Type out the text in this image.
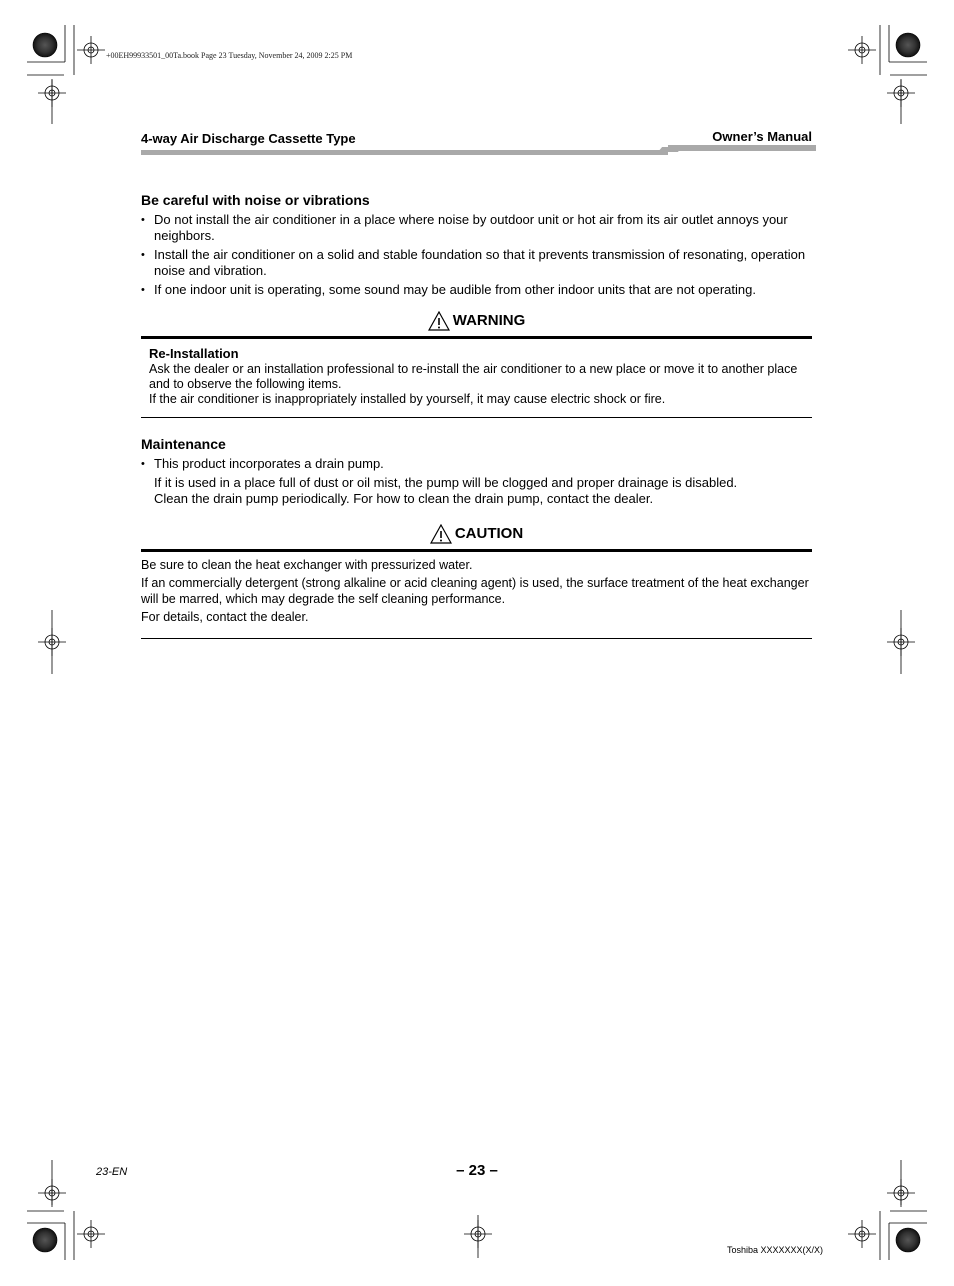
+00EH99933501_00Ta.book Page 23 Tuesday, November 24, 2009 2:25 PM
4-way Air Discharge Cassette Type	Owner’s Manual
Be careful with noise or vibrations
• Do not install the air conditioner in a place where noise by outdoor unit or hot air from its air outlet annoys your neighbors.
• Install the air conditioner on a solid and stable foundation so that it prevents transmission of resonating, operation noise and vibration.
• If one indoor unit is operating, some sound may be audible from other indoor units that are not operating.
WARNING
Re-Installation

Ask the dealer or an installation professional to re-install the air conditioner to a new place or move it to another place and to observe the following items.

If the air conditioner is inappropriately installed by yourself, it may cause electric shock or fire.

Maintenance
• This product incorporates a drain pump.
If it is used in a place full of dust or oil mist, the pump will be clogged and proper drainage is disabled.
Clean the drain pump periodically. For how to clean the drain pump, contact the dealer.
CAUTION

Be sure to clean the heat exchanger with pressurized water.

If an commercially detergent (strong alkaline or acid cleaning agent) is used, the surface treatment of the heat exchanger will be marred, which may degrade the self cleaning performance.

For details, contact the dealer.

23-EN	– 23 –
Toshiba XXXXXXX(X/X)
